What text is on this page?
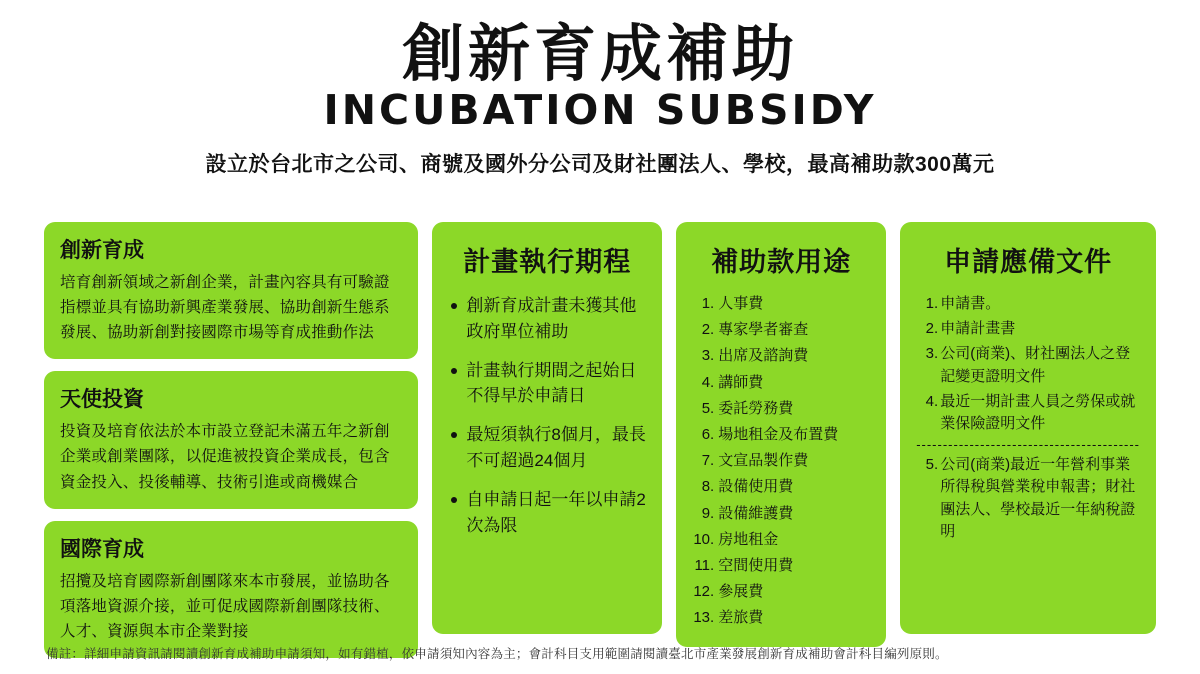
創新育成補助
INCUBATION SUBSIDY
設立於台北市之公司、商號及國外分公司及財社團法人、學校，最高補助款300萬元
創新育成
培育創新領域之新創企業，計畫內容具有可驗證指標並具有協助新興產業發展、協助創新生態系發展、協助新創對接國際市場等育成推動作法
天使投資
投資及培育依法於本市設立登記未滿五年之新創企業或創業團隊，以促進被投資企業成長，包含資金投入、投後輔導、技術引進或商機媒合
國際育成
招攬及培育國際新創團隊來本市發展，並協助各項落地資源介接，並可促成國際新創團隊技術、人才、資源與本市企業對接
計畫執行期程
創新育成計畫未獲其他政府單位補助
計畫執行期間之起始日不得早於申請日
最短須執行8個月，最長不可超過24個月
自申請日起一年以申請2次為限
補助款用途
人事費
專家學者審查
出席及諮詢費
講師費
委託勞務費
場地租金及布置費
文宣品製作費
設備使用費
設備維護費
房地租金
空間使用費
參展費
差旅費
申請應備文件
申請書。
申請計畫書
公司(商業)、財社團法人之登記變更證明文件
最近一期計畫人員之勞保或就業保險證明文件
------------------------------------------
公司(商業)最近一年營利事業所得稅與營業稅申報書；財社團法人、學校最近一年納稅證明
備註：詳細申請資訊請閱讀創新育成補助申請須知，如有錯植，依申請須知內容為主；會計科目支用範圍請閱讀臺北市產業發展創新育成補助會計科目編列原則。
